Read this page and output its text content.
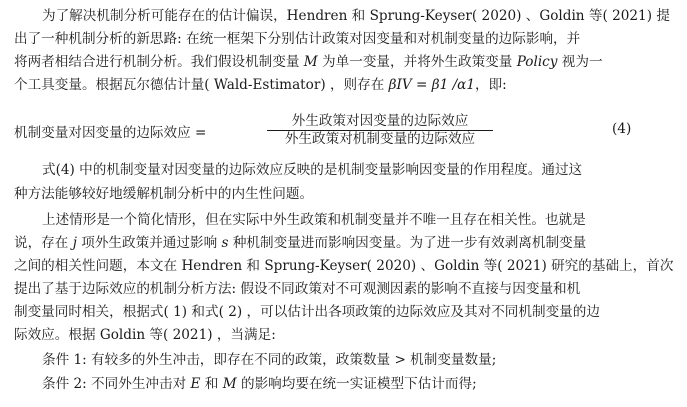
为了解决机制分析可能存在的估计偏误，Hendren 和 Sprung-Keyser( 2020) 、Goldin 等( 2021) 提
出了一种机制分析的新思路: 在统一框架下分别估计政策对因变量和对机制变量的边际影响，并
将两者相结合进行机制分析。我们假设机制变量 M 为单一变量，并将外生政策变量 Policy 视为一
个工具变量。根据瓦尔德估计量( Wald-Estimator) ，则存在 βIV = β1 /α1，即:
机制变量对因变量的边际效应 =
外生政策对因变量的边际效应
外生政策对机制变量的边际效应
(4)
式(4) 中的机制变量对因变量的边际效应反映的是机制变量影响因变量的作用程度。通过这
种方法能够较好地缓解机制分析中的内生性问题。
上述情形是一个简化情形，但在实际中外生政策和机制变量并不唯一且存在相关性。也就是
说，存在 j 项外生政策并通过影响 s 种机制变量进而影响因变量。为了进一步有效剥离机制变量
之间的相关性问题，本文在 Hendren 和 Sprung-Keyser( 2020) 、Goldin 等( 2021) 研究的基础上，首次
提出了基于边际效应的机制分析方法: 假设不同政策对不可观测因素的影响不直接与因变量和机
制变量同时相关，根据式( 1) 和式( 2) ，可以估计出各项政策的边际效应及其对不同机制变量的边
际效应。根据 Goldin 等( 2021) ，当满足:
条件 1: 有较多的外生冲击，即存在不同的政策，政策数量 > 机制变量数量;
条件 2: 不同外生冲击对 E 和 M 的影响均要在统一实证模型下估计而得;
